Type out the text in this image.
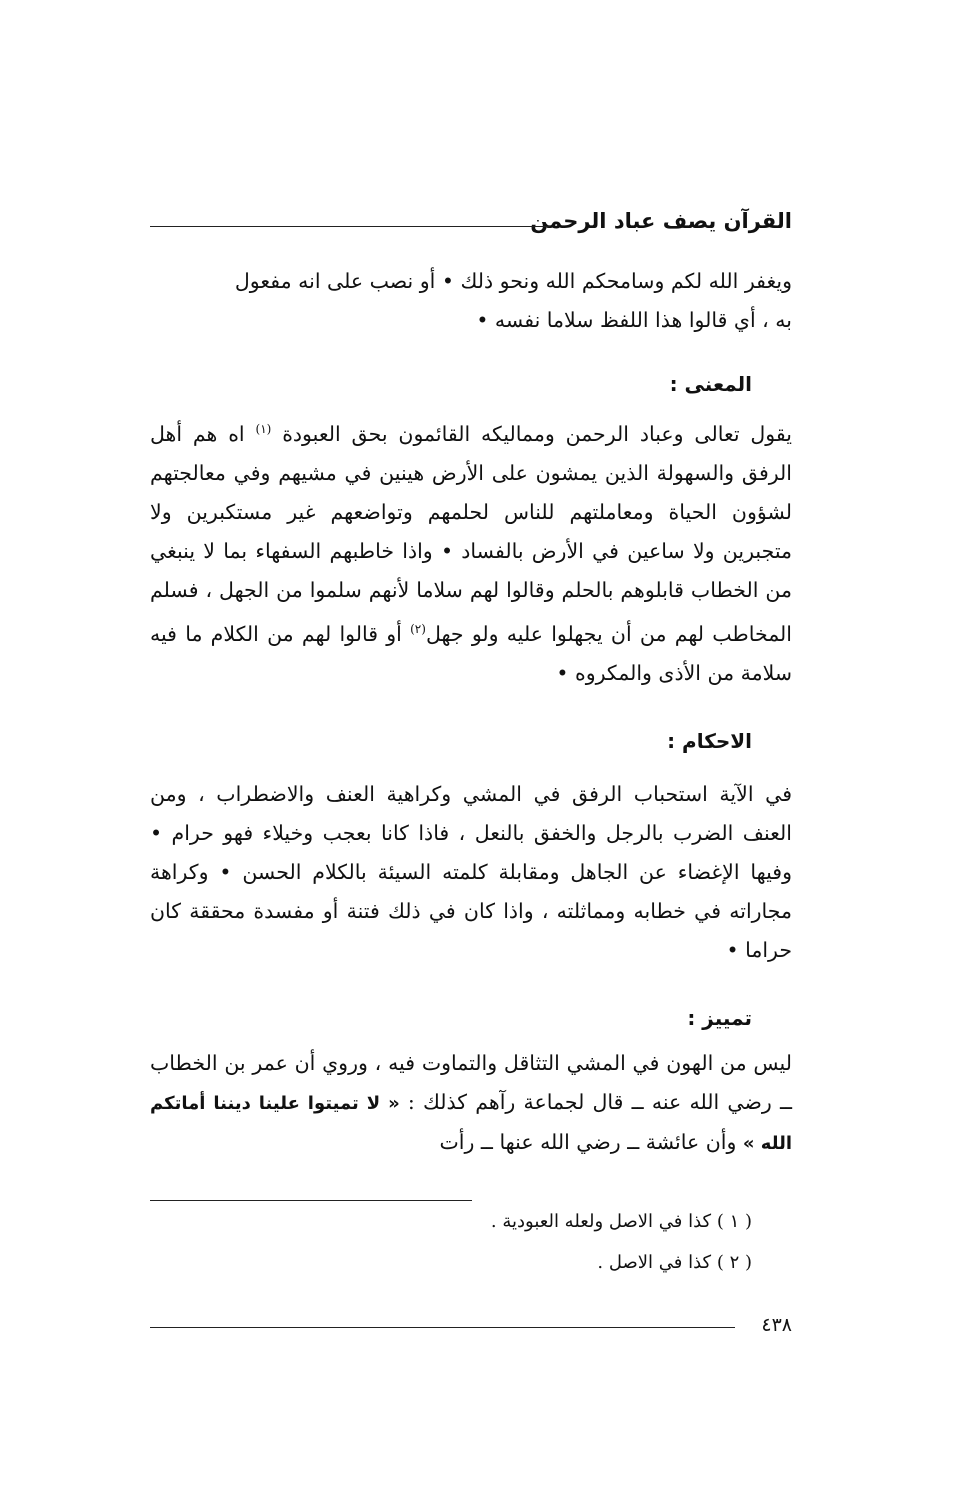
القرآن يصف عباد الرحمن

ويغفر الله لكم وسامحكم الله ونحو ذلك • أو نصب على انه مفعول
به ، أي قالوا هذا اللفظ سلاما نفسه •

المعنى :

يقول تعالى وعباد الرحمن ومماليكه القائمون بحق العبودة $^{(١)}$ اه هم أهل الرفق والسهولة الذين يمشون على الأرض هينين في مشيهم وفي معالجتهم لشؤون الحياة ومعاملتهم للناس لحلمهم وتواضعهم غير مستكبرين ولا متجبرين ولا ساعين في الأرض بالفساد • واذا خاطبهم السفهاء بما لا ينبغي من الخطاب قابلوهم بالحلم وقالوا لهم سلاما لأنهم سلموا من الجهل ، فسلم المخاطب لهم من أن يجهلوا عليه ولو جهل$^{(٢)}$ أو قالوا لهم من الكلام ما فيه سلامة من الأذى والمكروه •

الاحكام :

في الآية استحباب الرفق في المشي وكراهية العنف والاضطراب ، ومن العنف الضرب بالرجل والخفق بالنعل ، فاذا كانا بعجب وخيلاء فهو حرام • وفيها الإغضاء عن الجاهل ومقابلة كلمته السيئة بالكلام الحسن • وكراهة مجاراته في خطابه ومماثلته ، واذا كان في ذلك فتنة أو مفسدة محققة كان حراما •

تمييز :

ليس من الهون في المشي التثاقل والتماوت فيه ، وروي أن عمر بن الخطاب ــ رضي الله عنه ــ قال لجماعة رآهم كذلك : « لا تميتوا علينا ديننا أماتكم الله » وأن عائشة ــ رضي الله عنها ــ رأت

( ١ ) كذا في الاصل ولعله العبودية .
( ٢ ) كذا في الاصل .
٤٣٨
